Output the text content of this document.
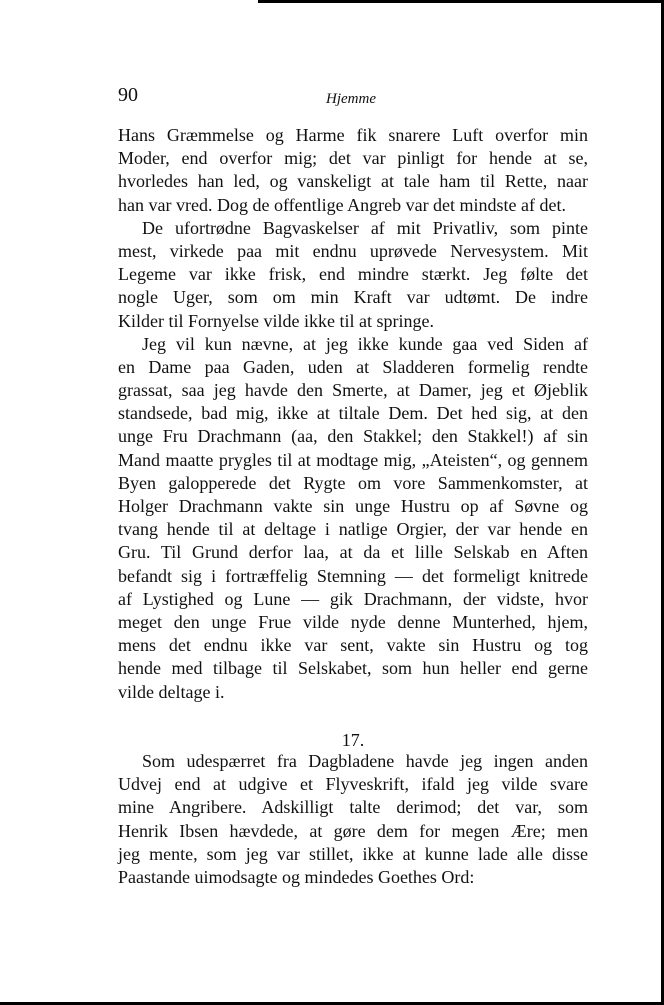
90	Hjemme
Hans Græmmelse og Harme fik snarere Luft overfor min
Moder, end overfor mig; det var pinligt for hende at se,
hvorledes han led, og vanskeligt at tale ham til Rette, naar
han var vred. Dog de offentlige Angreb var det mindste af det.
De ufortrødne Bagvaskelser af mit Privatliv, som pinte
mest, virkede paa mit endnu uprøvede Nervesystem. Mit
Legeme var ikke frisk, end mindre stærkt. Jeg følte det
nogle Uger, som om min Kraft var udtømt. De indre
Kilder til Fornyelse vilde ikke til at springe.
Jeg vil kun nævne, at jeg ikke kunde gaa ved Siden af
en Dame paa Gaden, uden at Sladderen formelig rendte
grassat, saa jeg havde den Smerte, at Damer, jeg et Øjeblik
standsede, bad mig, ikke at tiltale Dem. Det hed sig, at den
unge Fru Drachmann (aa, den Stakkel; den Stakkel!) af sin
Mand maatte prygles til at modtage mig, „Ateisten“, og gennem
Byen galopperede det Rygte om vore Sammenkomster, at
Holger Drachmann vakte sin unge Hustru op af Søvne og
tvang hende til at deltage i natlige Orgier, der var hende en
Gru. Til Grund derfor laa, at da et lille Selskab en Aften
befandt sig i fortræffelig Stemning — det formeligt knitrede
af Lystighed og Lune — gik Drachmann, der vidste, hvor
meget den unge Frue vilde nyde denne Munterhed, hjem,
mens det endnu ikke var sent, vakte sin Hustru og tog
hende med tilbage til Selskabet, som hun heller end gerne
vilde deltage i.
17.
Som udespærret fra Dagbladene havde jeg ingen anden
Udvej end at udgive et Flyveskrift, ifald jeg vilde svare
mine Angribere. Adskilligt talte derimod; det var, som
Henrik Ibsen hævdede, at gøre dem for megen Ære; men
jeg mente, som jeg var stillet, ikke at kunne lade alle disse
Paastande uimodsagte og mindedes Goethes Ord:
